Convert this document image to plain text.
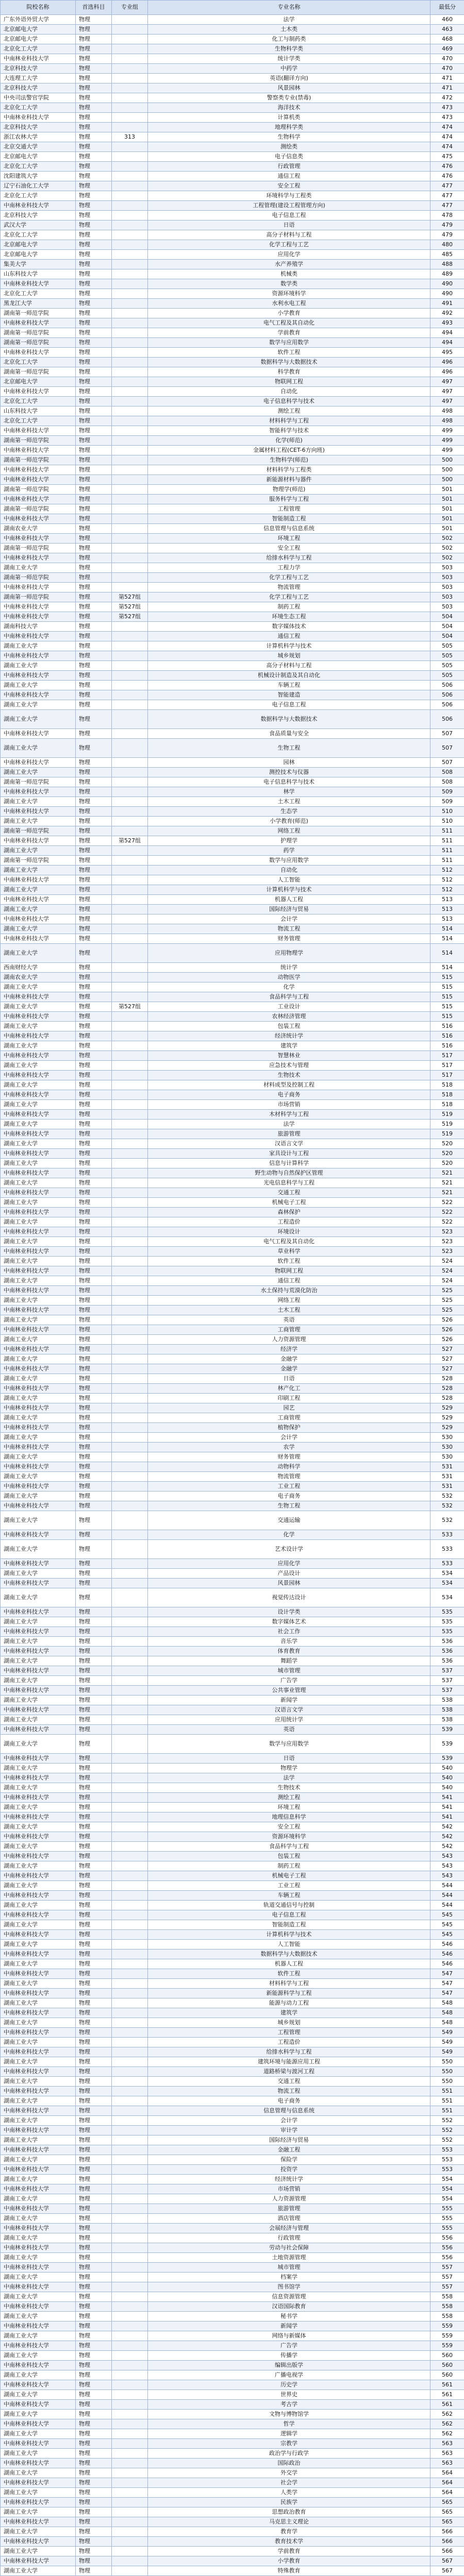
院校名称	首选科目	专业组	专业名称	最低分
广东外语外贸大学	物理		法学	460
北京邮电大学	物理		土木类	463
北京邮电大学	物理		化工与制药类	468
北京化工大学	物理		生物科学类	469
中南林业科技大学	物理		统计学类	470
北京科技大学	物理		中药学	470
大连理工大学	物理		英语(翻译方向)	471
北京科技大学	物理		风景园林	471
中央司法警官学院	物理		警察类专业(禁毒)	472
北京化工大学	物理		海洋技术	473
中南林业科技大学	物理		计算机类	473
北京科技大学	物理		地理科学类	474
浙江农林大学	物理	313	生物科学	474
北京交通大学	物理		测绘类	474
北京邮电大学	物理		电子信息类	475
北京化工大学	物理		行政管理	476
沈阳建筑大学	物理		通信工程	476
辽宁石油化工大学	物理		安全工程	477
北京化工大学	物理		环境科学与工程类	477
中南林业科技大学	物理		工程管理(建设工程管理方向)	477
北京科技大学	物理		电子信息工程	478
武汉大学	物理		日语	479
北京化工大学	物理		高分子材料与工程	479
北京邮电大学	物理		化学工程与工艺	480
北京邮电大学	物理		应用化学	485
集美大学	物理		水产养殖学	488
山东科技大学	物理		机械类	489
中南林业科技大学	物理		数学类	490
北京化工大学	物理		资源环境科学	490
黑龙江大学	物理		水利水电工程	491
湖南第一师范学院	物理		小学教育	492
中南林业科技大学	物理		电气工程及其自动化	493
湖南第一师范学院	物理		学前教育	494
湖南第一师范学院	物理		数学与应用数学	494
中南林业科技大学	物理		软件工程	495
北京化工大学	物理		数据科学与大数据技术	496
湖南第一师范学院	物理		科学教育	496
北京邮电大学	物理		物联网工程	497
中南林业科技大学	物理		自动化	497
北京化工大学	物理		电子信息科学与技术	497
山东科技大学	物理		测绘工程	498
北京化工大学	物理		材料科学与工程	498
中南林业科技大学	物理		智能科学与技术	499
湖南第一师范学院	物理		化学(师范)	499
中南林业科技大学	物理		金属材料工程(CET-6方向班)	499
湖南第一师范学院	物理		生物科学(师范)	500
中南林业科技大学	物理		材料科学与工程类	500
中南林业科技大学	物理		新能源材料与器件	500
湖南第一师范学院	物理		物理学(师范)	501
中南林业科技大学	物理		服务科学与工程	501
湖南第一师范学院	物理		工程管理	501
中南林业科技大学	物理		智能制造工程	501
湖南农业大学	物理		信息管理与信息系统	501
中南林业科技大学	物理		环境工程	502
湖南第一师范学院	物理		安全工程	502
中南林业科技大学	物理		给排水科学与工程	502
湖南工业大学	物理		工程力学	503
湖南第一师范学院	物理		化学工程与工艺	503
中南林业科技大学	物理		物流管理	503
湖南第一师范学院	物理	第527组	化学工程与工艺	503
中南林业科技大学	物理	第527组	制药工程	503
中南林业科技大学	物理	第527组	环境生态工程	504
湖南科技大学	物理		数字媒体技术	504
中南林业科技大学	物理		通信工程	504
湖南工业大学	物理		计算机科学与技术	505
中南林业科技大学	物理		城乡规划	505
湖南工业大学	物理		高分子材料与工程	505
中南林业科技大学	物理		机械设计制造及其自动化	505
湖南工业大学	物理		车辆工程	506
中南林业科技大学	物理		智能建造	506
湖南工业大学	物理		电子信息工程	506
湖南工业大学	物理		数据科学与大数据技术	506
中南林业科技大学	物理		食品质量与安全	507
湖南工业大学	物理		生物工程	507
中南林业科技大学	物理		园林	507
湖南工业大学	物理		测控技术与仪器	508
湖南第一师范学院	物理		电子信息科学与技术	508
中南林业科技大学	物理		林学	509
湖南工业大学	物理		土木工程	509
中南林业科技大学	物理		生态学	510
湖南工业大学	物理		小学教育(师范)	510
湖南第一师范学院	物理		网络工程	511
中南林业科技大学	物理	第527组	护理学	511
湖南工业大学	物理		药学	511
湖南第一师范学院	物理		数学与应用数学	511
湖南工业大学	物理		自动化	512
中南林业科技大学	物理		人工智能	512
湖南工业大学	物理		计算机科学与技术	512
中南林业科技大学	物理		机器人工程	513
湖南工业大学	物理		国际经济与贸易	513
中南林业科技大学	物理		会计学	513
湖南工业大学	物理		物流工程	514
中南林业科技大学	物理		财务管理	514
湖南工业大学	物理		应用物理学	514
西南财经大学	物理		统计学	514
湖南农业大学	物理		动物医学	515
湖南工业大学	物理		化学	515
中南林业科技大学	物理		食品科学与工程	515
湖南工业大学	物理	第527组	工业设计	515
中南林业科技大学	物理		农林经济管理	515
湖南工业大学	物理		包装工程	516
中南林业科技大学	物理		经济统计学	516
湖南工业大学	物理		建筑学	516
中南林业科技大学	物理		智慧林业	517
湖南工业大学	物理		应急技术与管理	517
中南林业科技大学	物理		生物技术	517
湖南工业大学	物理		材料成型及控制工程	518
中南林业科技大学	物理		电子商务	518
湖南工业大学	物理		市场营销	518
中南林业科技大学	物理		木材科学与工程	519
湖南工业大学	物理		法学	519
中南林业科技大学	物理		旅游管理	519
湖南工业大学	物理		汉语言文学	520
中南林业科技大学	物理		家具设计与工程	520
湖南工业大学	物理		信息与计算科学	520
中南林业科技大学	物理		野生动物与自然保护区管理	521
湖南工业大学	物理		光电信息科学与工程	521
中南林业科技大学	物理		交通工程	521
湖南工业大学	物理		机械电子工程	522
中南林业科技大学	物理		森林保护	522
湖南工业大学	物理		工程造价	522
中南林业科技大学	物理		环境设计	523
湖南工业大学	物理		电气工程及其自动化	523
中南林业科技大学	物理		草业科学	523
湖南工业大学	物理		软件工程	524
中南林业科技大学	物理		物联网工程	524
湖南工业大学	物理		通信工程	524
中南林业科技大学	物理		水土保持与荒漠化防治	525
湖南工业大学	物理		网络工程	525
中南林业科技大学	物理		土木工程	525
湖南工业大学	物理		英语	526
中南林业科技大学	物理		工商管理	526
湖南工业大学	物理		人力资源管理	526
中南林业科技大学	物理		经济学	527
湖南工业大学	物理		金融学	527
中南林业科技大学	物理		金融学	527
湖南工业大学	物理		日语	528
中南林业科技大学	物理		林产化工	528
湖南工业大学	物理		印刷工程	528
中南林业科技大学	物理		园艺	529
湖南工业大学	物理		工商管理	529
中南林业科技大学	物理		植物保护	529
湖南工业大学	物理		会计学	530
中南林业科技大学	物理		农学	530
湖南工业大学	物理		财务管理	530
中南林业科技大学	物理		动物科学	531
湖南工业大学	物理		物流管理	531
中南林业科技大学	物理		工业工程	531
湖南工业大学	物理		电子商务	532
中南林业科技大学	物理		生物工程	532
湖南工业大学	物理		交通运输	532
中南林业科技大学	物理		化学	533
湖南工业大学	物理		艺术设计学	533
中南林业科技大学	物理		应用化学	533
湖南工业大学	物理		产品设计	534
中南林业科技大学	物理		风景园林	534
湖南工业大学	物理		视觉传达设计	534
中南林业科技大学	物理		设计学类	535
湖南工业大学	物理		数字媒体艺术	535
中南林业科技大学	物理		社会工作	535
湖南工业大学	物理		音乐学	536
中南林业科技大学	物理		体育教育	536
湖南工业大学	物理		舞蹈学	536
中南林业科技大学	物理		城市管理	537
湖南工业大学	物理		广告学	537
中南林业科技大学	物理		公共事业管理	537
湖南工业大学	物理		新闻学	538
中南林业科技大学	物理		汉语言文学	538
湖南工业大学	物理		应用统计学	538
中南林业科技大学	物理		英语	539
湖南工业大学	物理		数学与应用数学	539
中南林业科技大学	物理		日语	539
湖南工业大学	物理		物理学	540
中南林业科技大学	物理		法学	540
湖南工业大学	物理		生物技术	540
中南林业科技大学	物理		测绘工程	541
湖南工业大学	物理		环境工程	541
中南林业科技大学	物理		地理信息科学	541
湖南工业大学	物理		安全工程	542
中南林业科技大学	物理		资源环境科学	542
湖南工业大学	物理		食品科学与工程	542
中南林业科技大学	物理		包装工程	543
湖南工业大学	物理		制药工程	543
中南林业科技大学	物理		机械电子工程	543
湖南工业大学	物理		工业工程	544
中南林业科技大学	物理		车辆工程	544
湖南工业大学	物理		轨道交通信号与控制	544
中南林业科技大学	物理		电子信息工程	545
湖南工业大学	物理		智能制造工程	545
中南林业科技大学	物理		计算机科学与技术	545
湖南工业大学	物理		人工智能	546
中南林业科技大学	物理		数据科学与大数据技术	546
湖南工业大学	物理		机器人工程	546
中南林业科技大学	物理		软件工程	547
湖南工业大学	物理		材料科学与工程	547
中南林业科技大学	物理		新能源科学与工程	547
湖南工业大学	物理		能源与动力工程	548
中南林业科技大学	物理		建筑学	548
湖南工业大学	物理		城乡规划	548
中南林业科技大学	物理		工程管理	549
湖南工业大学	物理		工程造价	549
中南林业科技大学	物理		给排水科学与工程	549
湖南工业大学	物理		建筑环境与能源应用工程	550
中南林业科技大学	物理		道路桥梁与渡河工程	550
湖南工业大学	物理		交通工程	550
中南林业科技大学	物理		物流工程	551
湖南工业大学	物理		电子商务	551
中南林业科技大学	物理		信息管理与信息系统	551
湖南工业大学	物理		会计学	552
中南林业科技大学	物理		审计学	552
湖南工业大学	物理		国际经济与贸易	552
中南林业科技大学	物理		金融工程	553
湖南工业大学	物理		保险学	553
中南林业科技大学	物理		投资学	553
湖南工业大学	物理		经济统计学	554
中南林业科技大学	物理		市场营销	554
湖南工业大学	物理		人力资源管理	554
中南林业科技大学	物理		旅游管理	555
湖南工业大学	物理		酒店管理	555
中南林业科技大学	物理		会展经济与管理	555
湖南工业大学	物理		行政管理	556
中南林业科技大学	物理		劳动与社会保障	556
湖南工业大学	物理		土地资源管理	556
中南林业科技大学	物理		城市管理	557
湖南工业大学	物理		档案学	557
中南林业科技大学	物理		图书馆学	557
湖南工业大学	物理		信息资源管理	558
中南林业科技大学	物理		汉语国际教育	558
湖南工业大学	物理		秘书学	558
中南林业科技大学	物理		新闻学	559
湖南工业大学	物理		网络与新媒体	559
中南林业科技大学	物理		广告学	559
湖南工业大学	物理		传播学	560
中南林业科技大学	物理		编辑出版学	560
湖南工业大学	物理		广播电视学	560
中南林业科技大学	物理		历史学	561
湖南工业大学	物理		世界史	561
中南林业科技大学	物理		考古学	561
湖南工业大学	物理		文物与博物馆学	562
中南林业科技大学	物理		哲学	562
湖南工业大学	物理		逻辑学	562
中南林业科技大学	物理		宗教学	563
湖南工业大学	物理		政治学与行政学	563
中南林业科技大学	物理		国际政治	563
湖南工业大学	物理		外交学	564
中南林业科技大学	物理		社会学	564
湖南工业大学	物理		人类学	564
中南林业科技大学	物理		民族学	565
湖南工业大学	物理		思想政治教育	565
中南林业科技大学	物理		马克思主义理论	565
湖南工业大学	物理		教育学	566
中南林业科技大学	物理		教育技术学	566
湖南工业大学	物理		学前教育	566
中南林业科技大学	物理		小学教育	567
湖南工业大学	物理		特殊教育	567
